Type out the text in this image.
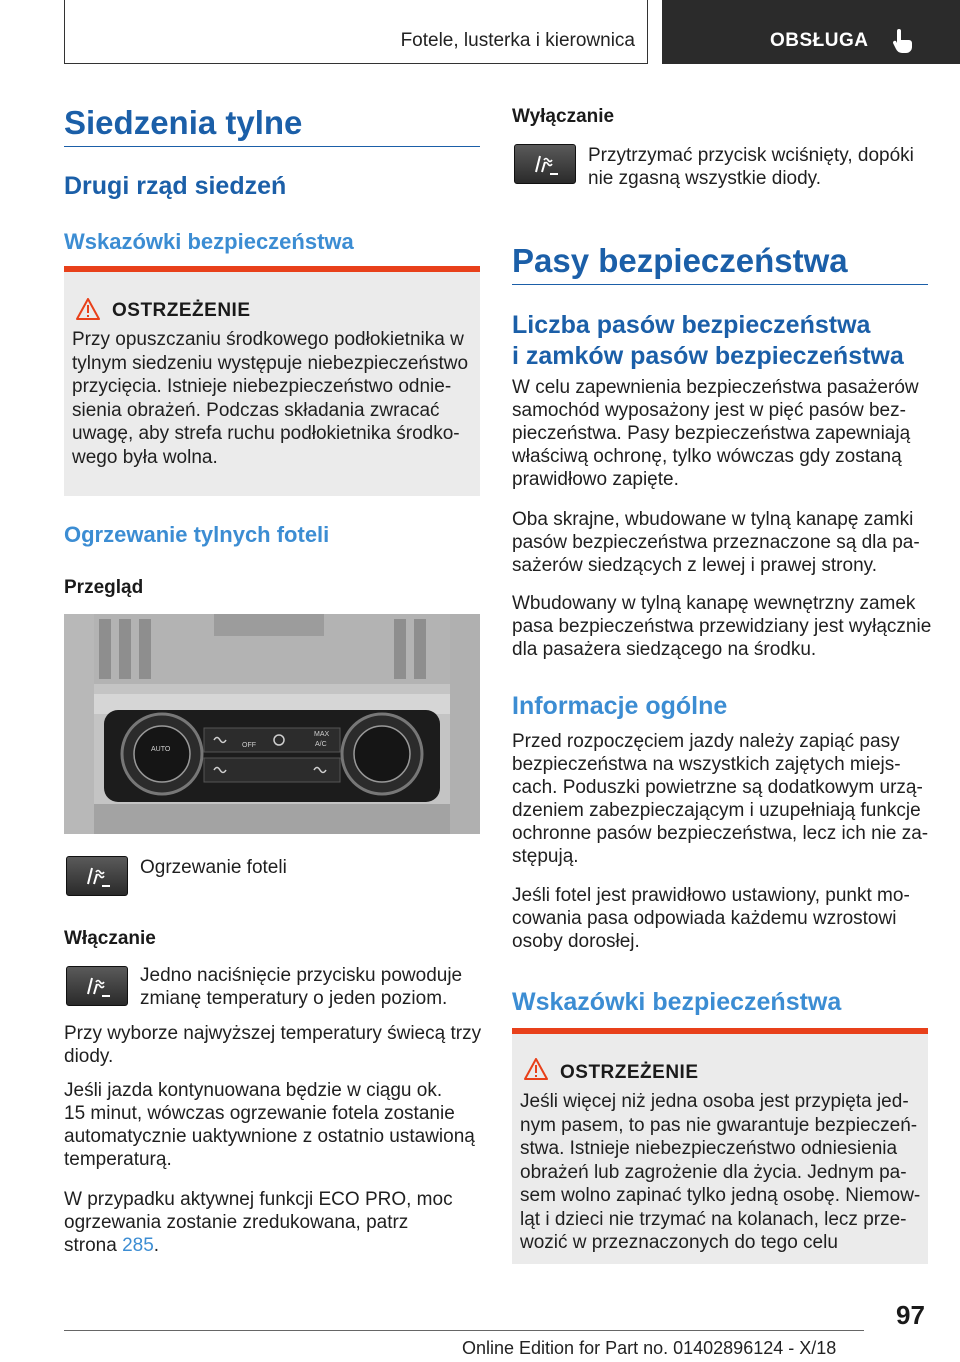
Fotele, lusterka i kierownica	OBSŁUGA
Siedzenia tylne
Drugi rząd siedzeń
Wskazówki bezpieczeństwa
OSTRZEŻENIE
Przy opuszczaniu środkowego podłokietnika w
tylnym siedzeniu występuje niebezpieczeństwo
przycięcia. Istnieje niebezpieczeństwo odnie-
sienia obrażeń. Podczas składania zwracać
uwagę, aby strefa ruchu podłokietnika środko-
wego była wolna.
Ogrzewanie tylnych foteli
Przegląd
AUTO
OFF
MAX
A/C
Ogrzewanie foteli
Włączanie
Jedno naciśnięcie przycisku powoduje
zmianę temperatury o jeden poziom.
Przy wyborze najwyższej temperatury świecą trzy
diody.
Jeśli jazda kontynuowana będzie w ciągu ok.
15 minut, wówczas ogrzewanie fotela zostanie
automatycznie uaktywnione z ostatnio ustawioną
temperaturą.
W przypadku aktywnej funkcji ECO PRO, moc
ogrzewania zostanie zredukowana, patrz
strona 285.
Wyłączanie
Przytrzymać przycisk wciśnięty, dopóki
nie zgasną wszystkie diody.
Pasy bezpieczeństwa
Liczba pasów bezpieczeństwa
i zamków pasów bezpieczeństwa
W celu zapewnienia bezpieczeństwa pasażerów
samochód wyposażony jest w pięć pasów bez-
pieczeństwa. Pasy bezpieczeństwa zapewniają
właściwą ochronę, tylko wówczas gdy zostaną
prawidłowo zapięte.
Oba skrajne, wbudowane w tylną kanapę zamki
pasów bezpieczeństwa przeznaczone są dla pa-
sażerów siedzących z lewej i prawej strony.
Wbudowany w tylną kanapę wewnętrzny zamek
pasa bezpieczeństwa przewidziany jest wyłącznie
dla pasażera siedzącego na środku.
Informacje ogólne
Przed rozpoczęciem jazdy należy zapiąć pasy
bezpieczeństwa na wszystkich zajętych miejs-
cach. Poduszki powietrzne są dodatkowym urzą-
dzeniem zabezpieczającym i uzupełniają funkcje
ochronne pasów bezpieczeństwa, lecz ich nie za-
stępują.
Jeśli fotel jest prawidłowo ustawiony, punkt mo-
cowania pasa odpowiada każdemu wzrostowi
osoby dorosłej.
Wskazówki bezpieczeństwa
OSTRZEŻENIE
Jeśli więcej niż jedna osoba jest przypięta jed-
nym pasem, to pas nie gwarantuje bezpieczeń-
stwa. Istnieje niebezpieczeństwo odniesienia
obrażeń lub zagrożenie dla życia. Jednym pa-
sem wolno zapinać tylko jedną osobę. Niemow-
ląt i dzieci nie trzymać na kolanach, lecz prze-
wozić w przeznaczonych do tego celu
97
Online Edition for Part no. 01402896124 - X/18
